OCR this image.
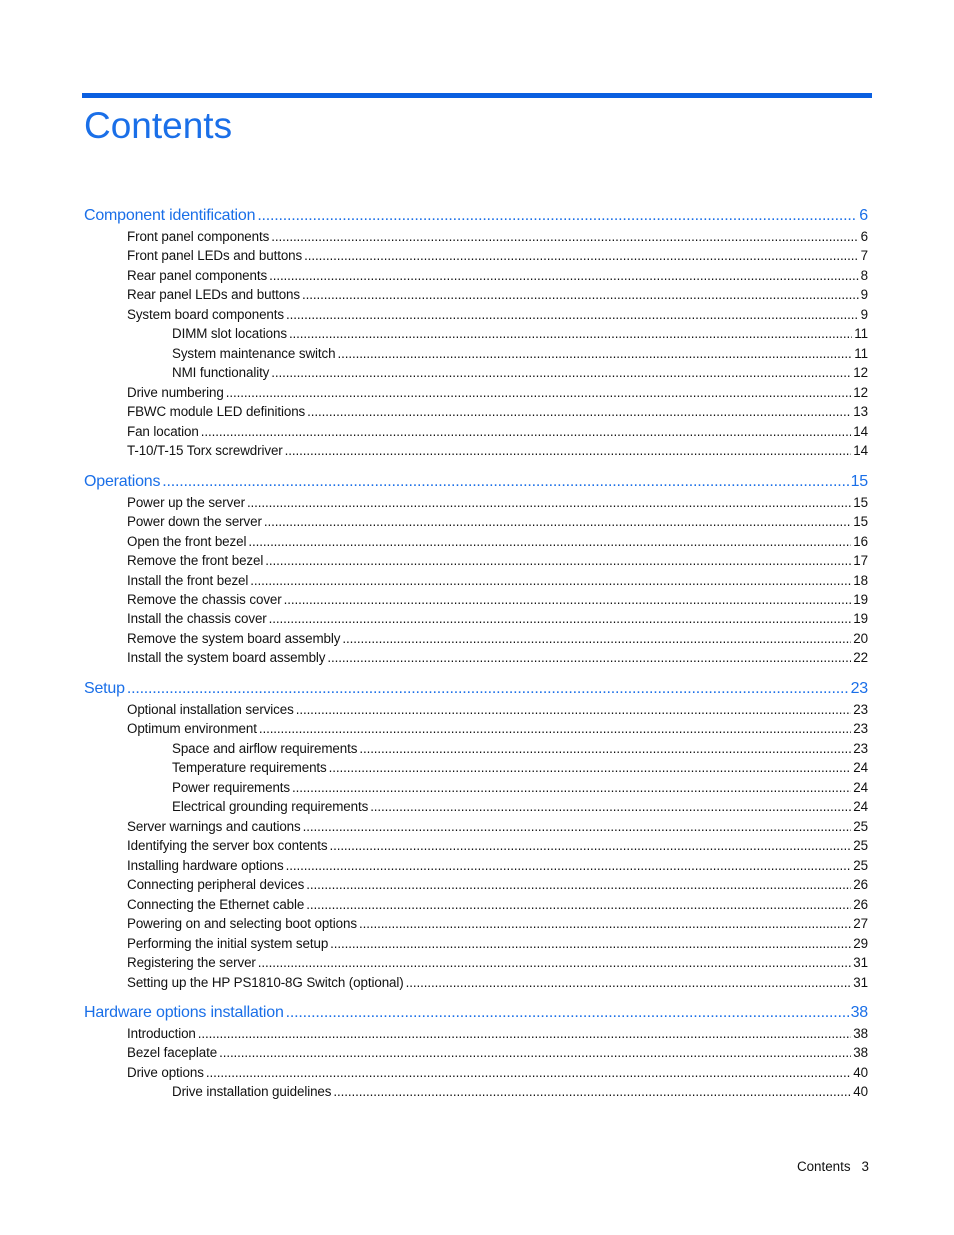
Contents
Component identification .....	6
Front panel components .....	6
Front panel LEDs and buttons .....	7
Rear panel components .....	8
Rear panel LEDs and buttons .....	9
System board components .....	9
DIMM slot locations .....	11
System maintenance switch .....	11
NMI functionality .....	12
Drive numbering .....	12
FBWC module LED definitions .....	13
Fan location .....	14
T-10/T-15 Torx screwdriver .....	14
Operations .....	15
Power up the server .....	15
Power down the server .....	15
Open the front bezel .....	16
Remove the front bezel .....	17
Install the front bezel .....	18
Remove the chassis cover .....	19
Install the chassis cover .....	19
Remove the system board assembly .....	20
Install the system board assembly .....	22
Setup .....	23
Optional installation services .....	23
Optimum environment .....	23
Space and airflow requirements .....	23
Temperature requirements .....	24
Power requirements .....	24
Electrical grounding requirements .....	24
Server warnings and cautions .....	25
Identifying the server box contents .....	25
Installing hardware options .....	25
Connecting peripheral devices .....	26
Connecting the Ethernet cable .....	26
Powering on and selecting boot options .....	27
Performing the initial system setup .....	29
Registering the server .....	31
Setting up the HP PS1810-8G Switch (optional) .....	31
Hardware options installation .....	38
Introduction .....	38
Bezel faceplate .....	38
Drive options .....	40
Drive installation guidelines .....	40
Contents 3
